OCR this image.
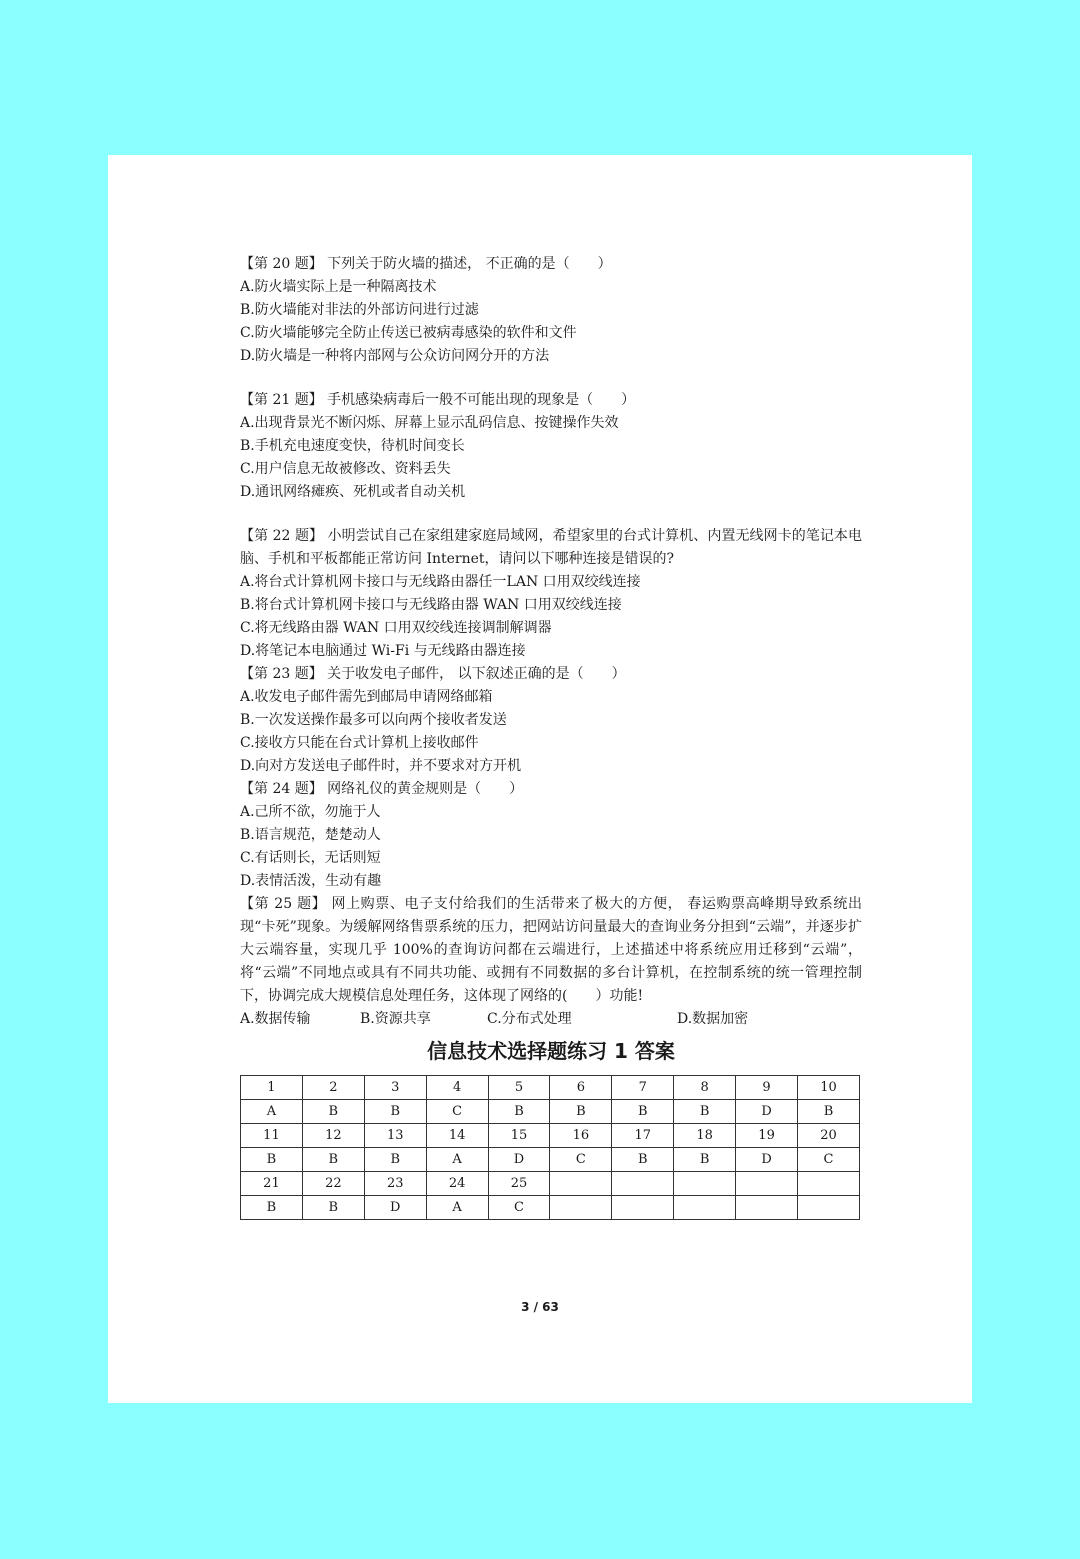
【第 20 题】 下列关于防火墙的描述， 不正确的是（　　）
A.防火墙实际上是一种隔离技术
B.防火墙能对非法的外部访问进行过滤
C.防火墙能够完全防止传送已被病毒感染的软件和文件
D.防火墙是一种将内部网与公众访问网分开的方法
【第 21 题】 手机感染病毒后一般不可能出现的现象是（　　）
A.出现背景光不断闪烁、屏幕上显示乱码信息、按键操作失效
B.手机充电速度变快，待机时间变长
C.用户信息无故被修改、资料丢失
D.通讯网络瘫痪、死机或者自动关机
【第 22 题】 小明尝试自己在家组建家庭局域网，希望家里的台式计算机、内置无线网卡的笔记本电脑、手机和平板都能正常访问 Internet，请问以下哪种连接是错误的?
A.将台式计算机网卡接口与无线路由器任一LAN 口用双绞线连接
B.将台式计算机网卡接口与无线路由器 WAN 口用双绞线连接
C.将无线路由器 WAN 口用双绞线连接调制解调器
D.将笔记本电脑通过 Wi-Fi 与无线路由器连接
【第 23 题】 关于收发电子邮件， 以下叙述正确的是（　　）
A.收发电子邮件需先到邮局申请网络邮箱
B.一次发送操作最多可以向两个接收者发送
C.接收方只能在台式计算机上接收邮件
D.向对方发送电子邮件时，并不要求对方开机
【第 24 题】 网络礼仪的黄金规则是（　　）
A.己所不欲，勿施于人
B.语言规范，楚楚动人
C.有话则长，无话则短
D.表情活泼，生动有趣
【第 25 题】 网上购票、电子支付给我们的生活带来了极大的方便， 春运购票高峰期导致系统出现“卡死”现象。为缓解网络售票系统的压力，把网站访问量最大的查询业务分担到“云端”，并逐步扩大云端容量，实现几乎 100%的查询访问都在云端进行，上述描述中将系统应用迁移到“云端”，将“云端”不同地点或具有不同共功能、或拥有不同数据的多台计算机，在控制系统的统一管理控制下，协调完成大规模信息处理任务，这体现了网络的(　　）功能!
A.数据传输	B.资源共享	C.分布式处理	D.数据加密
信息技术选择题练习 1 答案
1	2	3	4	5	6	7	8	9	10
A	B	B	C	B	B	B	B	D	B
11	12	13	14	15	16	17	18	19	20
B	B	B	A	D	C	B	B	D	C
21	22	23	24	25					
B	B	D	A	C					
3 / 63
